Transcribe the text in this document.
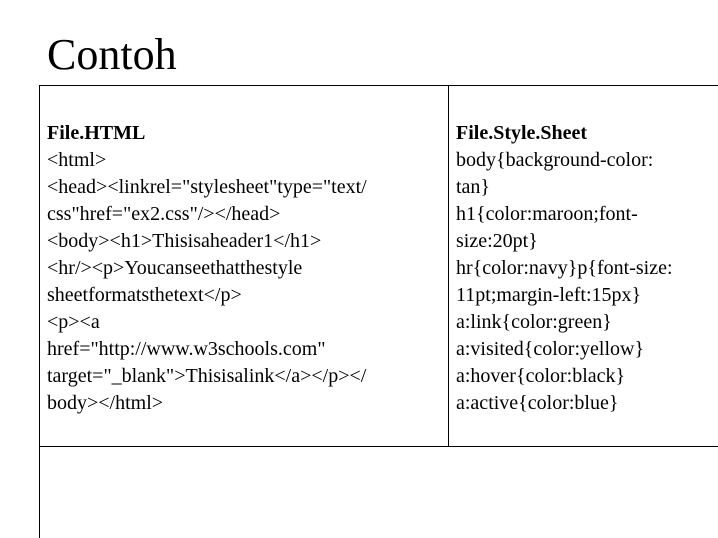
Contoh
File.HTML
<html>
<head><linkrel="stylesheet"type="text/
css"href="ex2.css"/></head>
<body><h1>Thisisaheader1</h1>
<hr/><p>Youcanseethatthestyle
sheetformatsthetext</p>
<p><a
href="http://www.w3schools.com"
target="_blank">Thisisalink</a></p></
body></html>
File.Style.Sheet
body{background-color:
tan}
h1{color:maroon;font-
size:20pt}
hr{color:navy}p{font-size:
11pt;margin-left:15px}
a:link{color:green}
a:visited{color:yellow}
a:hover{color:black}
a:active{color:blue}
